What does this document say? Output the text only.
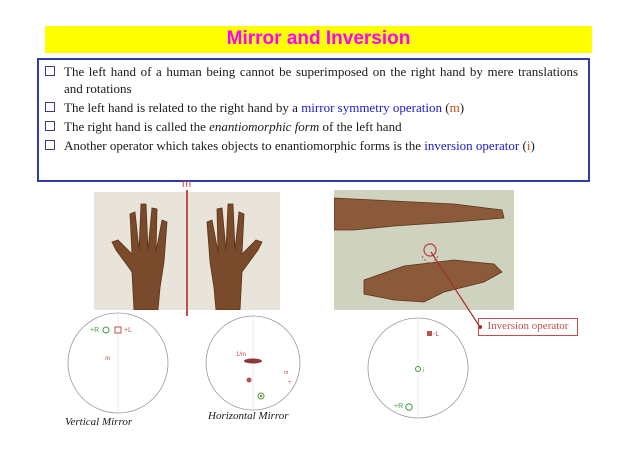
Mirror and Inversion
The left hand of a human being cannot be superimposed on the right hand by mere translations and rotations
The left hand is related to the right hand by a mirror symmetry operation (m)
The right hand is called the enantiomorphic form of the left hand
Another operator which takes objects to enantiomorphic forms is the inversion operator (i)
m
Inversion operator
+R	+L
m	1/m
m
+
-L
i
+R
Vertical Mirror	Horizontal Mirror
